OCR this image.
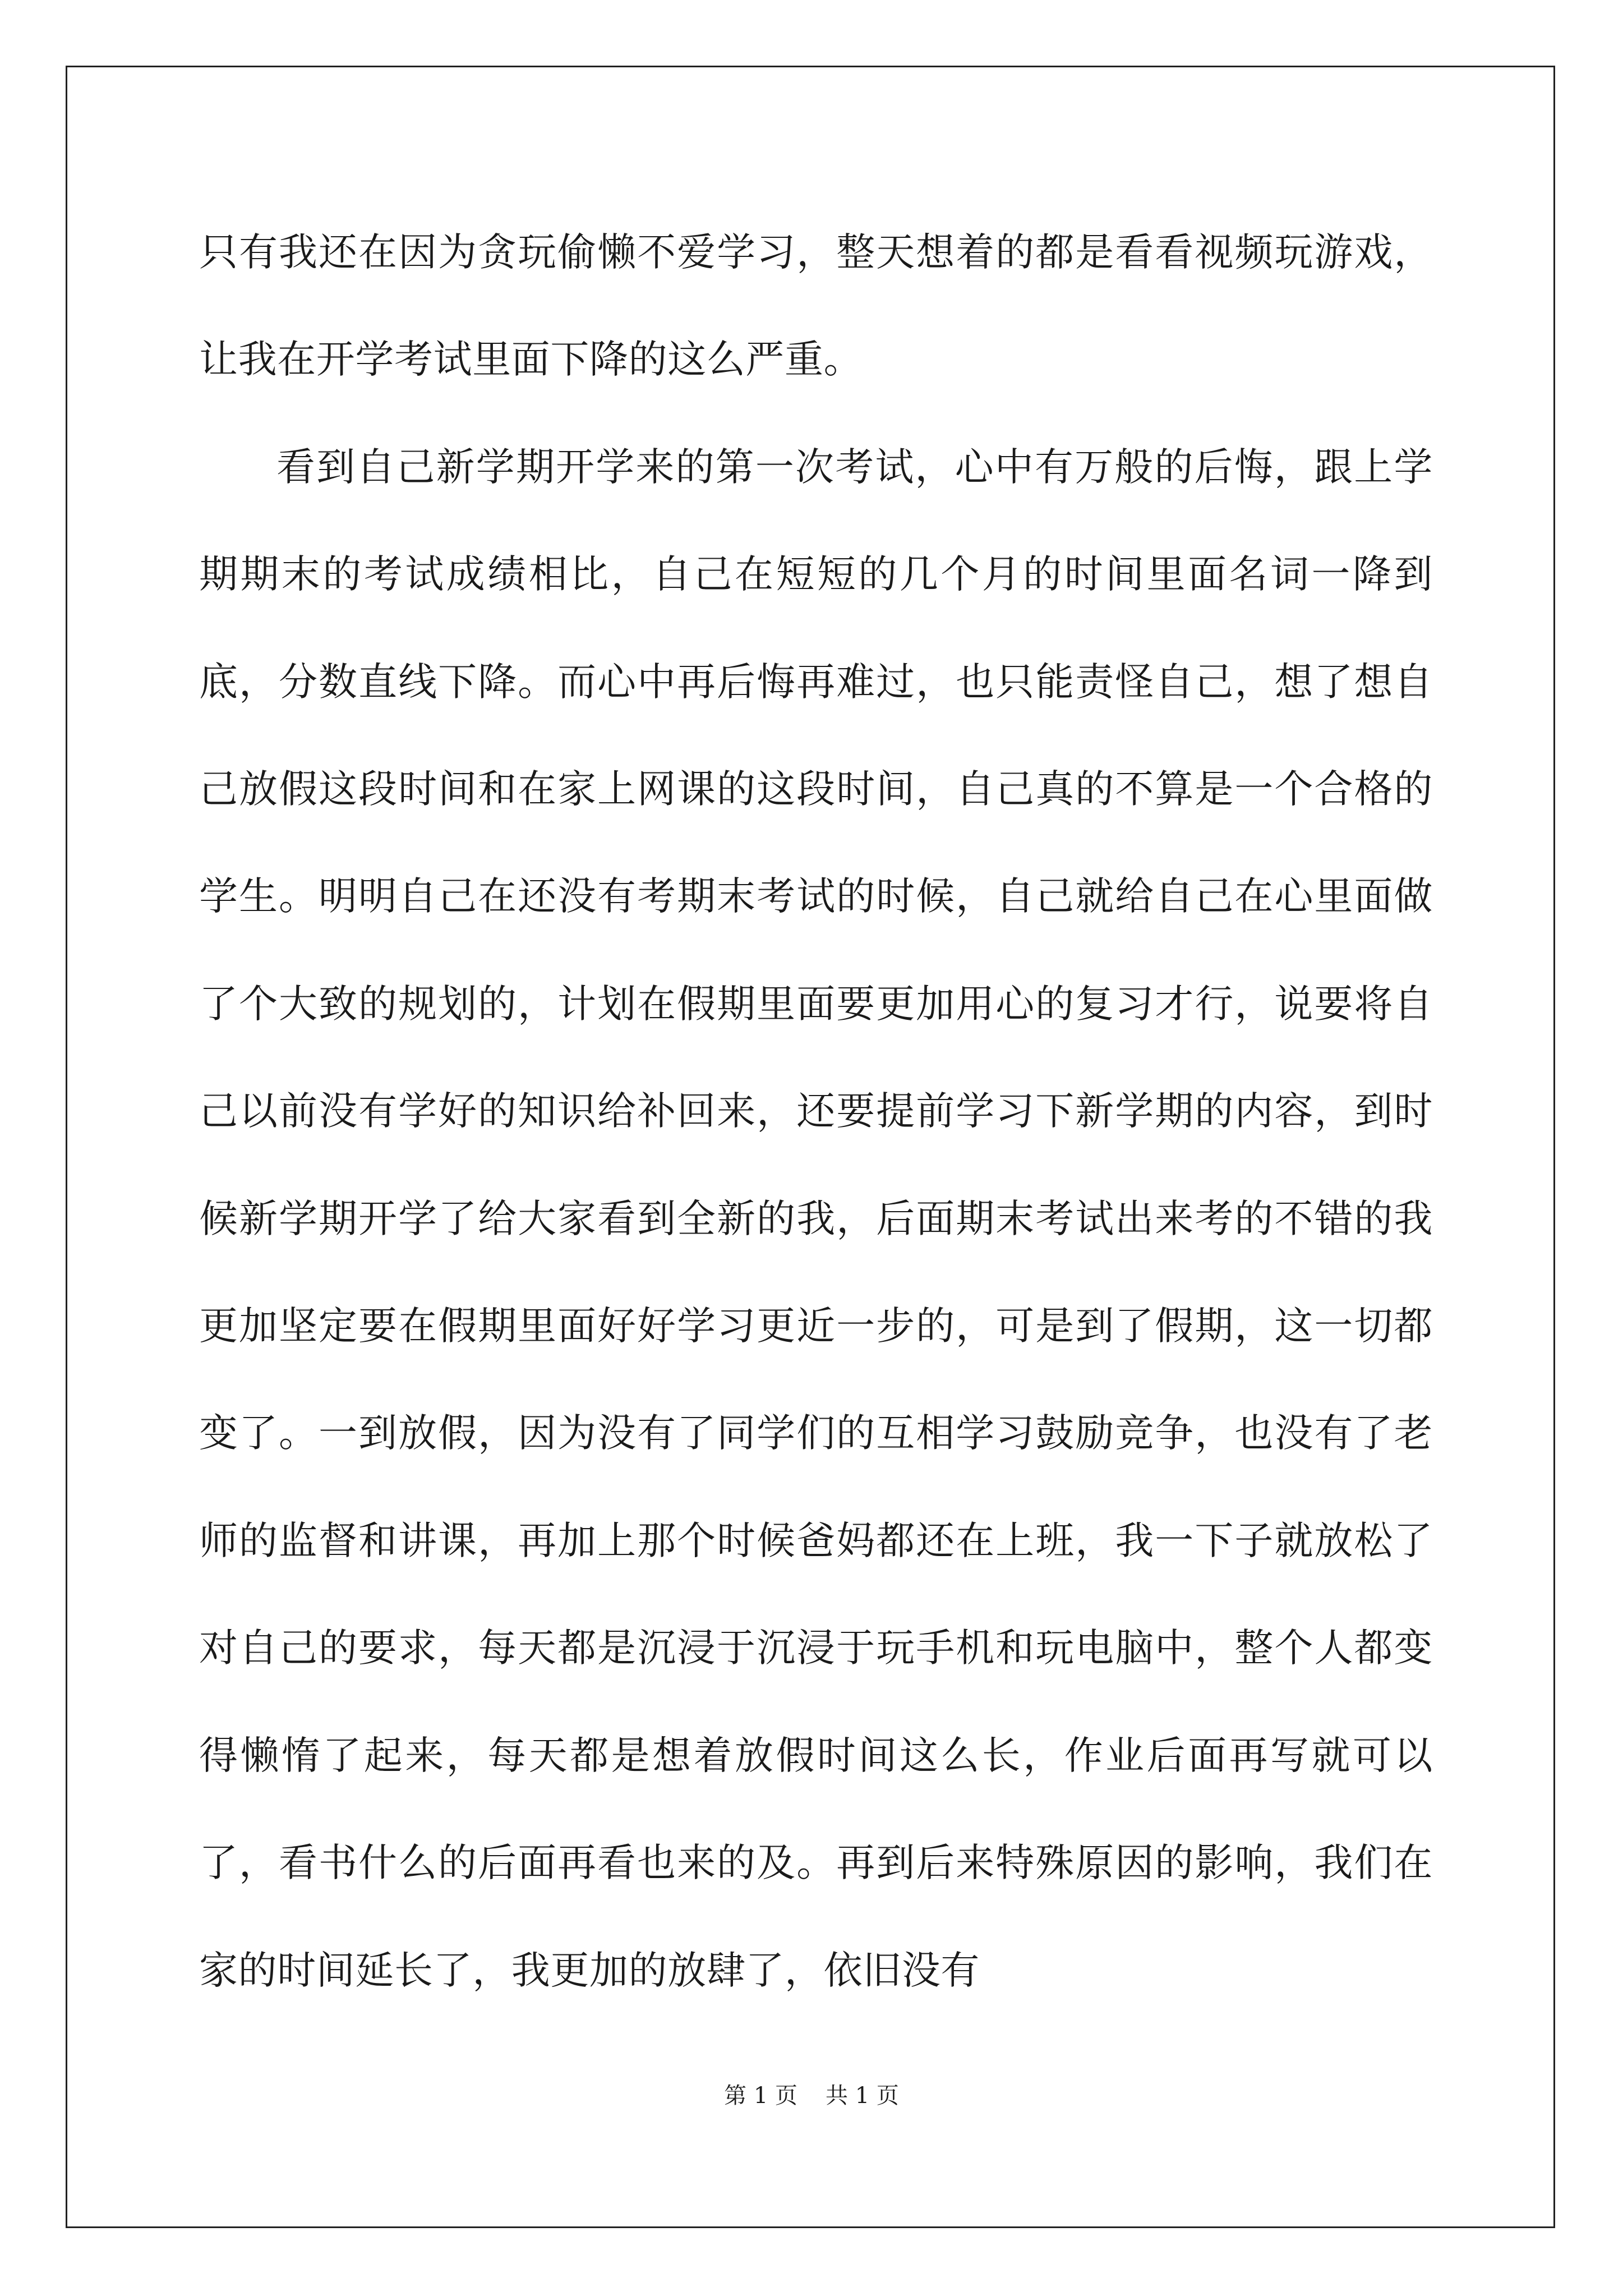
只有我还在因为贪玩偷懒不爱学习，整天想着的都是看看视频玩游戏，让我在开学考试里面下降的这么严重。

看到自己新学期开学来的第一次考试，心中有万般的后悔，跟上学期期末的考试成绩相比，自己在短短的几个月的时间里面名词一降到底，分数直线下降。而心中再后悔再难过，也只能责怪自己，想了想自己放假这段时间和在家上网课的这段时间，自己真的不算是一个合格的学生。明明自己在还没有考期末考试的时候，自己就给自己在心里面做了个大致的规划的，计划在假期里面要更加用心的复习才行，说要将自己以前没有学好的知识给补回来，还要提前学习下新学期的内容，到时候新学期开学了给大家看到全新的我，后面期末考试出来考的不错的我更加坚定要在假期里面好好学习更近一步的，可是到了假期，这一切都变了。一到放假，因为没有了同学们的互相学习鼓励竞争，也没有了老师的监督和讲课，再加上那个时候爸妈都还在上班，我一下子就放松了对自己的要求，每天都是沉浸于沉浸于玩手机和玩电脑中，整个人都变得懒惰了起来，每天都是想着放假时间这么长，作业后面再写就可以了，看书什么的后面再看也来的及。再到后来特殊原因的影响，我们在家的时间延长了，我更加的放肆了，依旧没有

第 1 页 共 1 页
